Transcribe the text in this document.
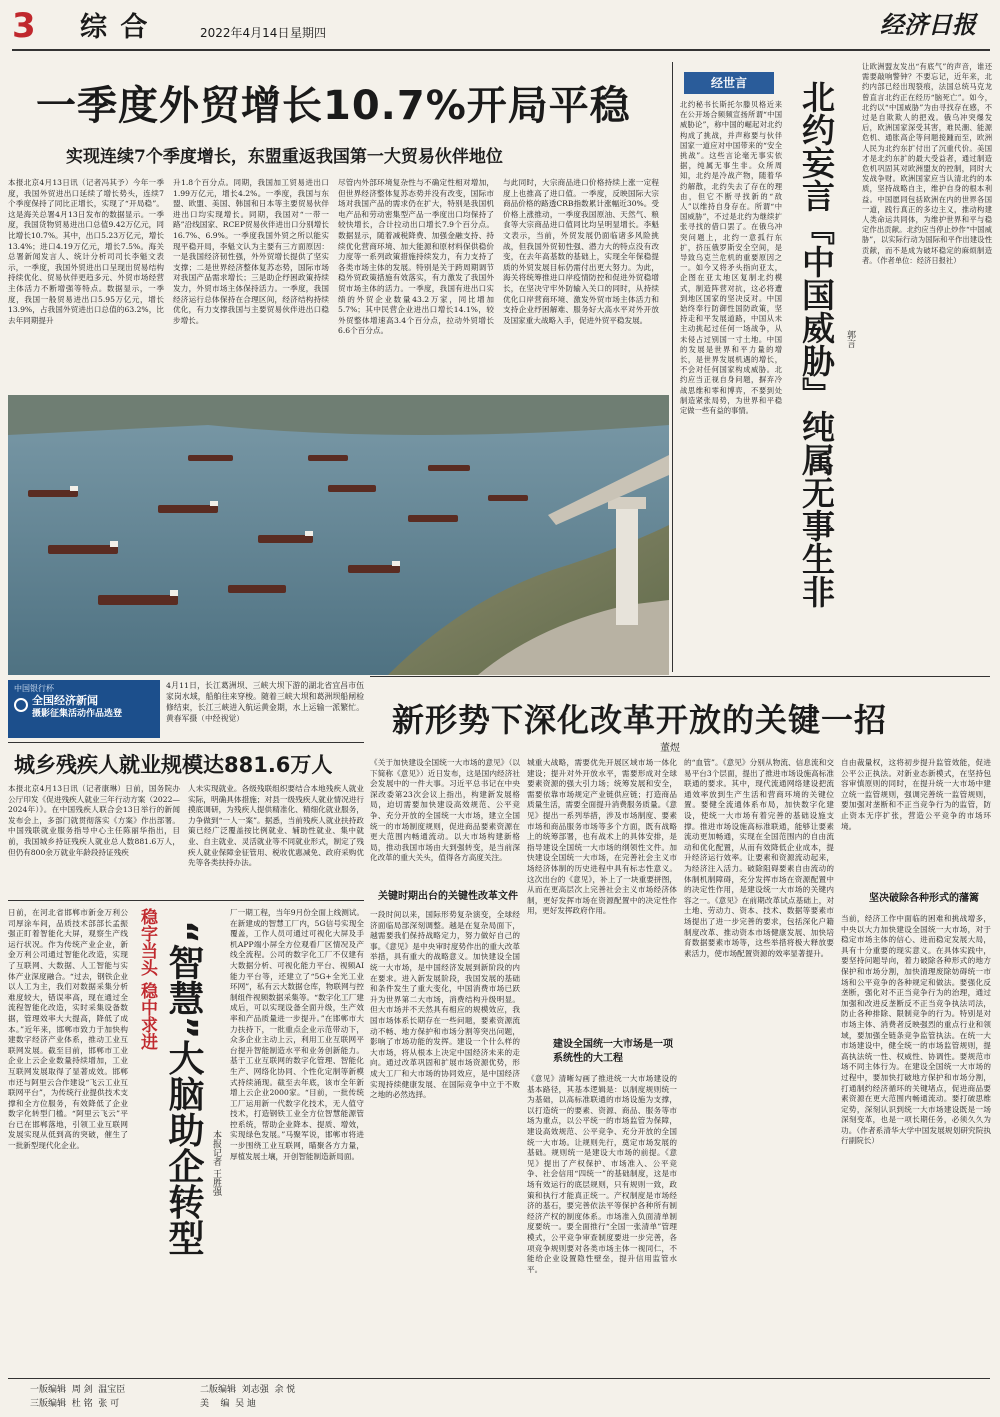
3 综 合	2022年4月14日 星期四	经济日报
一季度外贸增长10.7%开局平稳
实现连续7个季度增长，东盟重返我国第一大贸易伙伴地位
本报北京4月13日讯（记者冯其予）今年一季度，我国外贸进出口延续了增长势头，连续7个季度保持了同比正增长，实现了“开局稳”。这是海关总署4月13日发布的数据显示。一季度，我国货物贸易进出口总值9.42万亿元，同比增长10.7%。其中，出口5.23万亿元，增长13.4%；进口4.19万亿元，增长7.5%。海关总署新闻发言人、统计分析司司长李魁文表示，一季度，我国外贸进出口呈现出贸易结构持续优化、贸易伙伴更趋多元、外贸市场经营主体活力不断增强等特点。数据显示，一季度，我国一般贸易进出口5.95万亿元，增长13.9%，占我国外贸进出口总值的63.2%，比去年同期提升
升1.8个百分点。同期，我国加工贸易进出口1.99万亿元，增长4.2%。一季度，我国与东盟、欧盟、美国、韩国和日本等主要贸易伙伴进出口均实现增长。同期，我国对“一带一路”沿线国家、RCEP贸易伙伴进出口分别增长16.7%、6.9%。一季度我国外贸之所以能实现平稳开局，李魁文认为主要有三方面原因：一是我国经济韧性强，外外贸增长提供了坚实支撑；二是世界经济整体复苏态势，国际市场对我国产品需求增长；三是助企纾困政策持续发力，外贸市场主体保持活力。一季度，我国经济运行总体保持在合理区间，经济结构持续优化，有力支撑我国与主要贸易伙伴进出口稳步增长。
尽管内外部环境复杂性与不确定性相对增加，但世界经济整体复苏态势并没有改变，国际市场对我国产品的需求仍在扩大，特别是我国机电产品和劳动密集型产品一季度出口均保持了较快增长，合计拉动出口增长7.9个百分点。数据显示，随着减税降费、加强金融支持、持续优化营商环境、加大能源和原材料保供稳价力度等一系列政策措施持续发力，有力支持了各类市场主体的发展。特别是关于跨周期调节稳外贸政策措施有效落实，有力激发了我国外贸市场主体的活力。一季度，我国有进出口实绩的外贸企业数量43.2万家，同比增加5.7%；其中民营企业进出口增长14.1%，较外贸整体增速高3.4个百分点，拉动外贸增长6.6个百分点。
与此同时，大宗商品进口价格持续上涨一定程度上也推高了进口值。一季度，反映国际大宗商品价格的路透CRB指数累计涨幅近30%。受价格上涨推动，一季度我国原油、天然气、粮食等大宗商品进口值同比均呈明显增长。李魁文表示，当前，外贸发展仍面临诸多风险挑战，但我国外贸韧性强、潜力大的特点没有改变，在去年高基数的基础上，实现全年保稳提质的外贸发展目标仍需付出更大努力。为此，海关将统筹推进口岸疫情防控和促进外贸稳增长，在坚决守牢外防输入关口的同时，从持续优化口岸营商环境、激发外贸市场主体活力和支持企业纾困解难、服务好大高水平对外开放及国家重大战略入手，促进外贸平稳发展。
中国银行杯
全国经济新闻
摄影征集活动作品选登
4月11日，长江葛洲坝、三峡大坝下游的湖北省宜昌市伍家岗水域，船舶往来穿梭。随着三峡大坝和葛洲坝船闸检修结束，长江三峡进入航运黄金期，水上运输一派繁忙。 黄春军摄（中经视觉）
城乡残疾人就业规模达881.6万人
本报北京4月13日讯（记者康琳）日前，国务院办公厅印发《促进残疾人就业三年行动方案（2022—2024年）》。在中国残疾人联合会13日举行的新闻发布会上，多部门就贯彻落实《方案》作出部署。中国残联就业服务指导中心主任陈丽华指出，目前，我国城乡持证残疾人就业总人数881.6万人，但仍有800余万就业年龄段持证残疾
人未实现就业。各级残联组织要结合本地残疾人就业实际，明确具体措施；对县一级残疾人就业情况进行摸底调研，为残疾人提供精准化、精细化就业服务，力争做到“一人一案”。据悉，当前残疾人就业扶持政策已经广泛覆盖按比例就业、辅助性就业、集中就业、自主就业、灵活就业等不同就业形式，制定了残疾人就业保障金征管用、税收优惠减免、政府采购优先等各类扶持办法。
日前，在河北省邯郸市新金万利公司厚涂车间，品质技术部部长孟振强正盯着智能化大屏，观察生产线运行状况。作为传统产业企业，新金万利公司通过智能化改造，实现了互联网、大数据、人工智能与实体产业深度融合。“过去，钢铁企业以人工为主，我们对数据采集分析难度较大，错误率高，现在通过全流程智能化改造，实时采集设备数据，管理效率大大提高，降低了成本。”近年来，邯郸市致力于加快构建数字经济产业体系，推动工业互联网发展。截至目前，邯郸市工业企业上云企业数量持续增加，工业互联网发展取得了显著成效。邯郸市还与阿里云合作建设“飞云工业互联网平台”，为传统行业提供技术支撑和全方位服务，有效降低了企业数字化转型门槛。“阿里云飞云”平台已在邯郸落地，引领工业互联网发展实现从低到高的突破，催生了一批新型现代化企业。
稳字当头 稳中求进 “智慧”大脑助企转型 本报记者 王胜强
厂一期工程，当年9月份全面上线测试。在新建成的智慧工厂内，5G信号实现全覆盖，工作人员可通过可视化大屏及手机APP端小屏全方位观看厂区情况及产线全流程。公司的数字化工厂不仅建有大数据分析、可视化能力平台、视频AI能力平台等，还建立了“5G+全光工业环网”，私有云大数据仓库，物联网与控制组件视频数据采集等。“数字化工厂建成后，可以实现设备全面升级，生产效率和产品质量进一步提升。”在邯郸市大力扶持下，一批重点企业示范带动下，众多企业主动上云，利用工业互联网平台提升智能制造水平和业务创新能力。基于工业互联网的数字化管理、智能化生产、网络化协同、个性化定制等新模式持续涌现。截至去年底，该市全年新增上云企业2000家。“目前，一批传统工厂运用新一代数字化技术，无人值守技术，打造钢铁工业全方位智慧能源管控系统，帮助企业降本、提质、增效，实现绿色发展。”马聚军说，邯郸市将进一步围绕工业互联网，瞄聚各方力量，厚植发展土壤，开创智能制造新局面。
经世言
北约秘书长斯托尔滕贝格近来在公开场合频频宣扬所谓“中国威胁论”，称中国的崛起对北约构成了挑战，并声称要与伙伴国家一道应对中国带来的“安全挑战”。这些言论毫无事实依据，纯属无事生非。众所周知，北约是冷战产物，随着华约解散，北约失去了存在的理由，但它不断寻找新的“敌人”以维持自身存在。所谓“中国威胁”，不过是北约为继续扩张寻找的借口罢了。在俄乌冲突问题上，北约一意孤行东扩，挤压俄罗斯安全空间，是导致乌克兰危机的重要原因之一。如今又将矛头指向亚太，企图在亚太地区复制北约模式，制造阵营对抗，这必将遭到地区国家的坚决反对。中国始终奉行防御性国防政策，坚持走和平发展道路，中国从未主动挑起过任何一场战争，从未侵占过别国一寸土地。中国的发展是世界和平力量的增长，是世界发展机遇的增长，不会对任何国家构成威胁。北约应当正视自身问题，摒弃冷战思维和零和博弈，不要到处制造紧张局势，为世界和平稳定做一些有益的事情。	北约妄言『中国威胁』纯属无事生非	郭言
让欧洲盟友发出“有底气”的声音，谁还需要敲响警钟？不要忘记，近年来，北约内部已经出现裂痕，法国总统马克龙曾直言北约正在经历“脑死亡”。如今，北约以“中国威胁”为由寻找存在感，不过是自欺欺人的把戏。俄乌冲突爆发后，欧洲国家深受其害，难民潮、能源危机、通胀高企等问题接踵而至，欧洲人民为北约东扩付出了沉重代价。美国才是北约东扩的最大受益者，通过制造危机巩固其对欧洲盟友的控制，同时大发战争财。欧洲国家应当认清北约的本质，坚持战略自主，维护自身的根本利益。中国愿同包括欧洲在内的世界各国一道，践行真正的多边主义，推动构建人类命运共同体，为维护世界和平与稳定作出贡献。北约应当停止炒作“中国威胁”，以实际行动为国际和平作出建设性贡献，而不是成为破坏稳定的麻烦制造者。（作者单位：经济日报社）
新形势下深化改革开放的关键一招
董煜
《关于加快建设全国统一大市场的意见》（以下简称《意见》）近日发布，这是国内经济社会发展中的一件大事。习近平总书记在中央深改委第23次会议上指出，构建新发展格局，迫切需要加快建设高效规范、公平竞争、充分开放的全国统一大市场，建立全国统一的市场制度规则，促进商品要素资源在更大范围内畅通流动。以大市场构建新格局，推动我国市场由大到强转变，是当前深化改革的重大关头，值得各方高度关注。
关键时期出台的关键性改革文件
一段时间以来，国际形势复杂演变，全球经济面临局部深刻调整。越是在复杂局面下，越需要我们保持战略定力，努力做好自己的事。《意见》是中央审时度势作出的重大改革举措，具有重大的战略意义。加快建设全国统一大市场，是中国经济发展到新阶段的内在要求。进入新发展阶段，我国发展的基础和条件发生了重大变化，中国消费市场已跃升为世界第二大市场，消费结构升级明显。但大市场并不天然具有相应的规模效应，我国市场体系长期存在一些问题，要素资源流动不畅、地方保护和市场分割等突出问题，影响了市场功能的发挥。建设一个什么样的大市场，将从根本上决定中国经济未来的走向。通过改革巩固和扩展市场资源优势，形成大工厂和大市场的协同效应，是中国经济实现持续健康发展、在国际竞争中立于不败之地的必然选择。
城重大战略，需要优先开展区域市场一体化建设；提升对外开放水平，需要形成对全球要素资源的强大引力场；统筹发展和安全，需要依靠市场规定产业链供应链；打造商品质量生活，需要全面提升消费服务质量。《意见》提出一系列举措，涉及市场制度、要素市场和商品服务市场等多个方面，既有战略上的统筹部署，也有战术上的具体安排，是指导建设全国统一大市场的纲领性文件。加快建设全国统一大市场，在完善社会主义市场经济体制的历史进程中具有标志性意义。这次出台的《意见》，补上了一块重要拼图，从而在更高层次上完善社会主义市场经济体制，更好发挥市场在资源配置中的决定性作用，更好发挥政府作用。
建设全国统一大市场是一项系统性的大工程
《意见》清晰勾画了推进统一大市场建设的基本路径，其基本逻辑是：以制度规则统一为基础，以高标准联通的市场设施为支撑，以打造统一的要素、资源、商品、服务等市场为重点，以公平统一的市场监管为保障，建设高效规范、公平竞争、充分开放的全国统一大市场。让规则先行，奠定市场发展的基础。规则统一是建设大市场的前提。《意见》提出了产权保护、市场准入、公平竞争、社会信用“四统一”的基础制度，这是市场有效运行的底层规则，只有规则一致，政策和执行才能真正统一。产权制度是市场经济的基石，要完善依法平等保护各种所有制经济产权的制度体系。市场准入负面清单制度要统一。要全面推行“全国一张清单”管理模式，公平竞争审查制度要进一步完善，各项竞争规则要对各类市场主体一视同仁，不能给企业设置隐性壁垒，提升信用监管水平。
的“血管”。《意见》分别从物流、信息流和交易平台3个层面，提出了推进市场设施高标准联通的要求。其中，现代流通网络建设把流通效率放到生产生活和营商环境的关键位置。要健全流通体系布局，加快数字化建设，使统一大市场有着完善的基础设施支撑。推进市场设施高标准联通，能够让要素流动更加畅通，实现在全国范围内的自由流动和优化配置，从而有效降低企业成本，提升经济运行效率。让要素和资源流动起来，为经济注入活力。破除阻碍要素自由流动的体制机制障碍，充分发挥市场在资源配置中的决定性作用，是建设统一大市场的关键内容之一。《意见》在前期改革试点基础上，对土地、劳动力、资本、技术、数据等要素市场提出了进一步完善的要求，包括深化户籍制度改革、推动资本市场健康发展、加快培育数据要素市场等，这些举措将极大释放要素活力，使市场配置资源的效率显著提升。
自由裁量权，这将初步提升监管效能，促进公平公正执法。对新业态新模式，在坚持包容审慎原则的同时，在提升统一大市场中建立统一监管规则，强调完善统一监管规则，要加强对垄断和不正当竞争行为的监管，防止资本无序扩张，营造公平竞争的市场环境。
坚决破除各种形式的藩篱
当前，经济工作中面临的困难和挑战增多，中央以大力加快建设全国统一大市场，对于稳定市场主体的信心、进而稳定发展大局，具有十分重要的现实意义。在具体实践中，要坚持问题导向，着力破除各种形式的地方保护和市场分割，加快清理废除妨碍统一市场和公平竞争的各种规定和做法。要强化反垄断，强化对不正当竞争行为的治理，通过加强和改进反垄断反不正当竞争执法司法，防止各种排除、限制竞争的行为。特别是对市场主体、消费者反映强烈的重点行业和领域，要加强全链条竞争监管执法。在统一大市场建设中，健全统一的市场监管规则，提高执法统一性、权威性、协调性。要规范市场不同主体行为。在建设全国统一大市场的过程中，要加快打破地方保护和市场分割，打通制约经济循环的关键堵点，促进商品要素资源在更大范围内畅通流动。要打破思维定势，深刻认识到统一大市场建设既是一场深刻变革，也是一项长期任务，必须久久为功。（作者系清华大学中国发展规划研究院执行副院长）
一版编辑  周 剑  温宝臣
三版编辑  杜 铭  张 可
二版编辑  刘志强  余 悦
美    编  吴 迪
